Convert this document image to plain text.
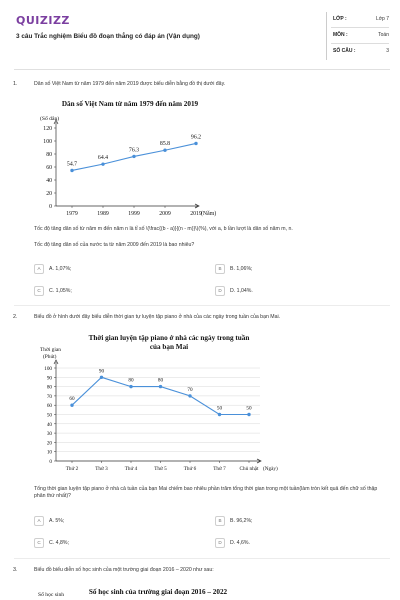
QUIZIZZ
3 câu Trắc nghiệm Biểu đồ đoạn thẳng có đáp án (Vận dụng)
LỚP :	Lớp 7
MÔN :	Toán
SỐ CÂU :	3
1.	Dân số Việt Nam từ năm 1979 đến năm 2019 được biểu diễn bằng đồ thị dưới đây.
Dân số Việt Nam từ năm 1979 đến năm 2019
(Số dân)
0
20
40
60
80
100
120
1979	1989	1999	2009	2019 (Năm)
54.7
64.4
76.3
85.8
96.2
Tốc độ tăng dân số từ năm m đến năm n là tỉ số \(\frac{(b - a)}{(n - m)}\)(%), với a, b lần lượt là dân số năm m, n.
Tốc độ tăng dân số của nước ta từ năm 2009 đến 2019 là bao nhiêu?
A	A. 1,07%;	B	B. 1,06%;
C	C. 1,05%;	D	D. 1,04%.
2.	Biểu đồ ở hình dưới đây biểu diễn thời gian tự luyện tập piano ở nhà của các ngày trong tuần của bạn Mai.
Thời gian luyện tập piano ở nhà các ngày trong tuần
của bạn Mai
Thời gian
(Phút)
0
10
20
30
40
50
60
70
80
90
100
Thứ 2	Thứ 3	Thứ 4	Thứ 5	Thứ 6	Thứ 7	Chủ nhật (Ngày)
60
90
80	80
70
50	50
Tổng thời gian luyện tập piano ở nhà cả tuần của bạn Mai chiếm bao nhiêu phần trăm tổng thời gian trong một tuần(làm tròn kết quả đến chữ số thập phân thứ nhất)?
A	A. 5%;	B	B. 96,2%;
C	C. 4,8%;	D	D. 4,6%.
3.	Biểu đồ biểu diễn số học sinh của một trường giai đoạn 2016 – 2020 như sau:
Số học sinh	Số học sinh của trường giai đoạn 2016 – 2022
